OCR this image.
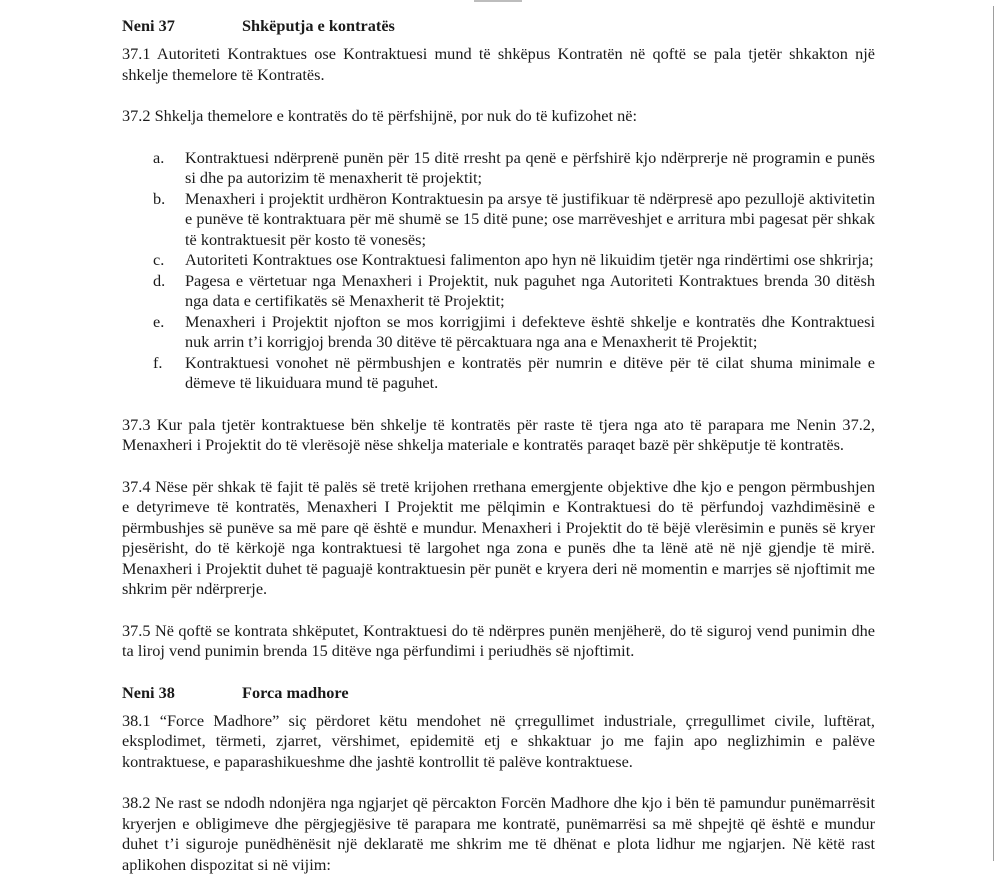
Neni 37	Shkëputja e kontratës

37.1 Autoriteti Kontraktues ose Kontraktuesi mund të shkëpus Kontratën në qoftë se pala tjetër shkakton një shkelje themelore të Kontratës.

37.2 Shkelja themelore e kontratës do të përfshijnë, por nuk do të kufizohet në:

a.	Kontraktuesi ndërprenë punën për 15 ditë rresht pa qenë e përfshirë kjo ndërprerje në programin e punës si dhe pa autorizim të menaxherit të projektit;
b.	Menaxheri i projektit urdhëron Kontraktuesin pa arsye të justifikuar të ndërpresë apo pezullojë aktivitetin e punëve të kontraktuara për më shumë se 15 ditë pune; ose marrëveshjet e arritura mbi pagesat për shkak të kontraktuesit për kosto të vonesës;
c.	Autoriteti Kontraktues ose Kontraktuesi falimenton apo hyn në likuidim tjetër nga rindërtimi ose shkrirja;
d.	Pagesa e vërtetuar nga Menaxheri i Projektit, nuk paguhet nga Autoriteti Kontraktues brenda 30 ditësh nga data e certifikatës së Menaxherit të Projektit;
e.	Menaxheri i Projektit njofton se mos korrigjimi i defekteve është shkelje e kontratës dhe Kontraktuesi nuk arrin t’i korrigjoj brenda 30 ditëve të përcaktuara nga ana e Menaxherit të Projektit;
f.	Kontraktuesi vonohet në përmbushjen e kontratës për numrin e ditëve për të cilat shuma minimale e dëmeve të likuiduara mund të paguhet.

37.3 Kur pala tjetër kontraktuese bën shkelje të kontratës për raste të tjera nga ato të parapara me Nenin 37.2, Menaxheri i Projektit do të vlerësojë nëse shkelja materiale e kontratës paraqet bazë për shkëputje të kontratës.

37.4 Nëse për shkak të fajit të palës së tretë krijohen rrethana emergjente objektive dhe kjo e pengon përmbushjen e detyrimeve të kontratës, Menaxheri I Projektit me pëlqimin e Kontraktuesi do të përfundoj vazhdimësinë e përmbushjes së punëve sa më pare që është e mundur. Menaxheri i Projektit do të bëjë vlerësimin e punës së kryer pjesërisht, do të kërkojë nga kontraktuesi të largohet nga zona e punës dhe ta lënë atë në një gjendje të mirë. Menaxheri i Projektit duhet të paguajë kontraktuesin për punët e kryera deri në momentin e marrjes së njoftimit me shkrim për ndërprerje.

37.5 Në qoftë se kontrata shkëputet, Kontraktuesi do të ndërpres punën menjëherë, do të siguroj vend punimin dhe ta liroj vend punimin brenda 15 ditëve nga përfundimi i periudhës së njoftimit.

Neni 38	Forca madhore

38.1 “Force Madhore” siç përdoret këtu mendohet në çrregullimet industriale, çrregullimet civile, luftërat, eksplodimet, tërmeti, zjarret, vërshimet, epidemitë etj e shkaktuar jo me fajin apo neglizhimin e palëve kontraktuese, e paparashikueshme dhe jashtë kontrollit të palëve kontraktuese.

38.2 Ne rast se ndodh ndonjëra nga ngjarjet që përcakton Forcën Madhore dhe kjo i bën të pamundur punëmarrësit kryerjen e obligimeve dhe përgjegjësive të parapara me kontratë, punëmarrësi sa më shpejtë që është e mundur duhet t’i siguroje punëdhënësit një deklaratë me shkrim me të dhënat e plota lidhur me ngjarjen. Në këtë rast aplikohen dispozitat si në vijim:
